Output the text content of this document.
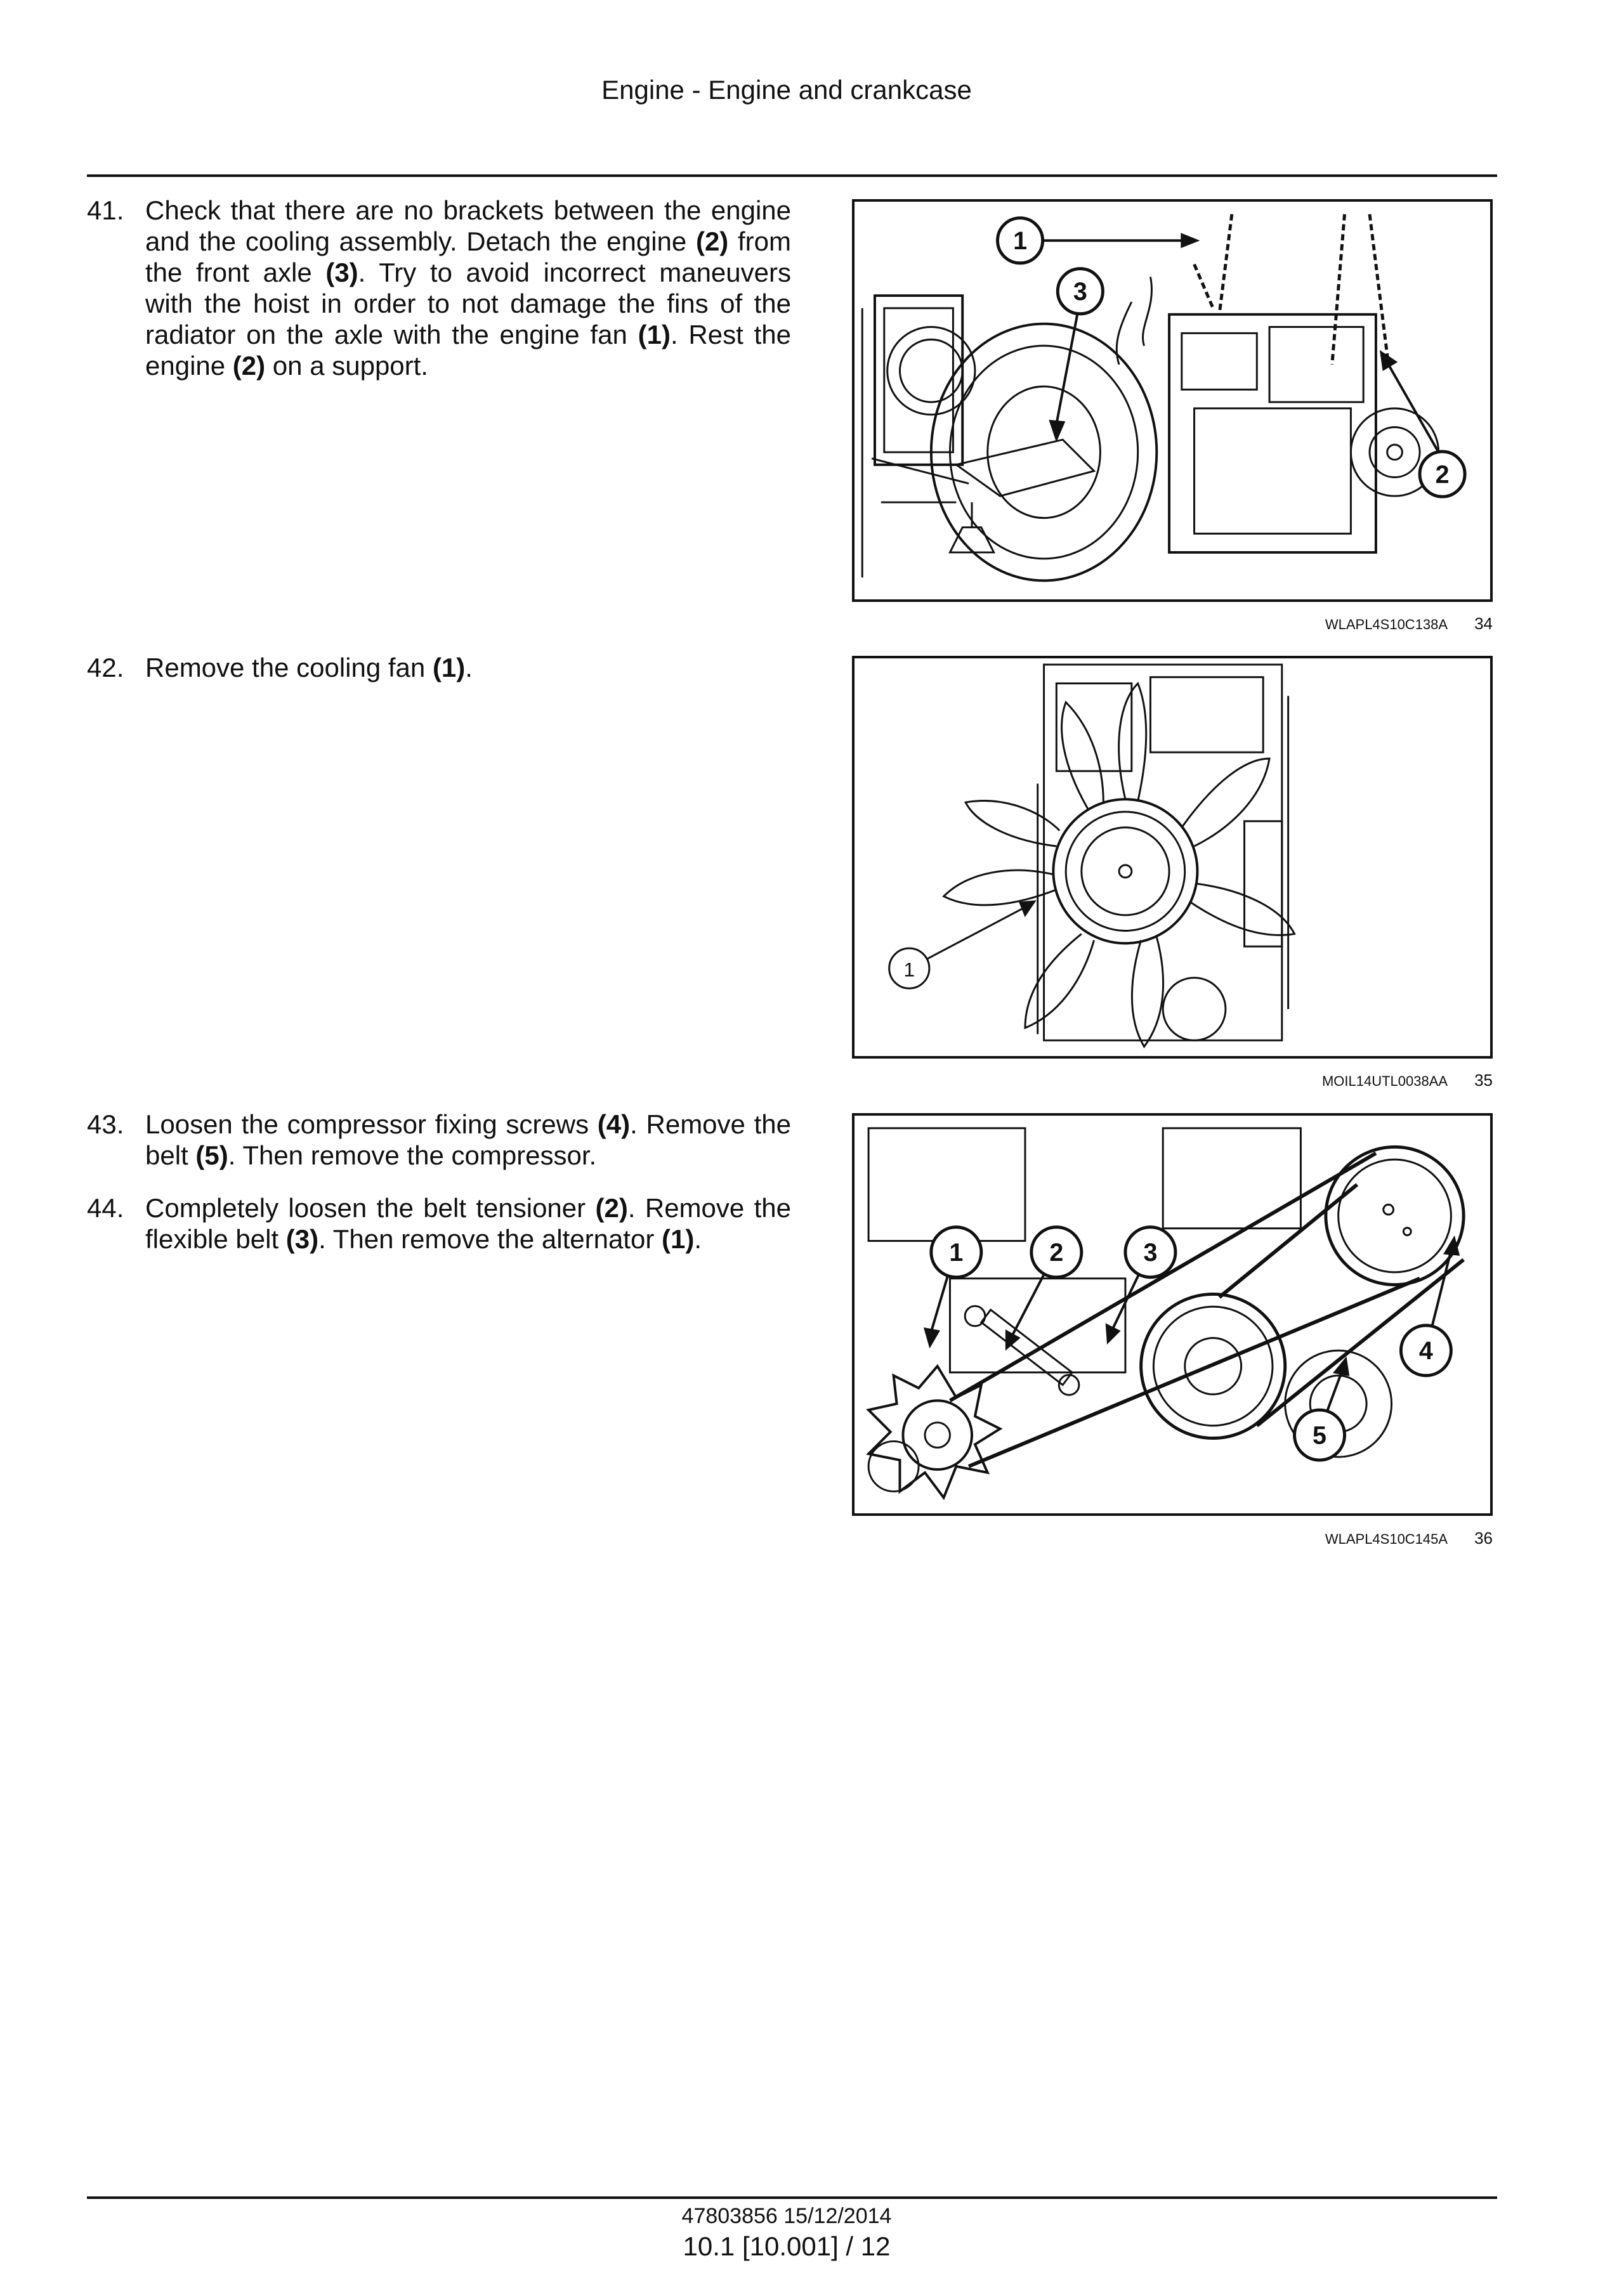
Engine - Engine and crankcase
41. Check that there are no brackets between the engine and the cooling assembly. Detach the engine (2) from the front axle (3). Try to avoid incorrect maneuvers with the hoist in order to not damage the fins of the radiator on the axle with the engine fan (1). Rest the engine (2) on a support.
1
3
2
WLAPL4S10C138A 34
42. Remove the cooling fan (1).
1
MOIL14UTL0038AA 35
43. Loosen the compressor fixing screws (4). Remove the belt (5). Then remove the compressor.
44. Completely loosen the belt tensioner (2). Remove the flexible belt (3). Then remove the alternator (1).	1	2	3
4
5
WLAPL4S10C145A 36
47803856 15/12/2014
10.1 [10.001] / 12
